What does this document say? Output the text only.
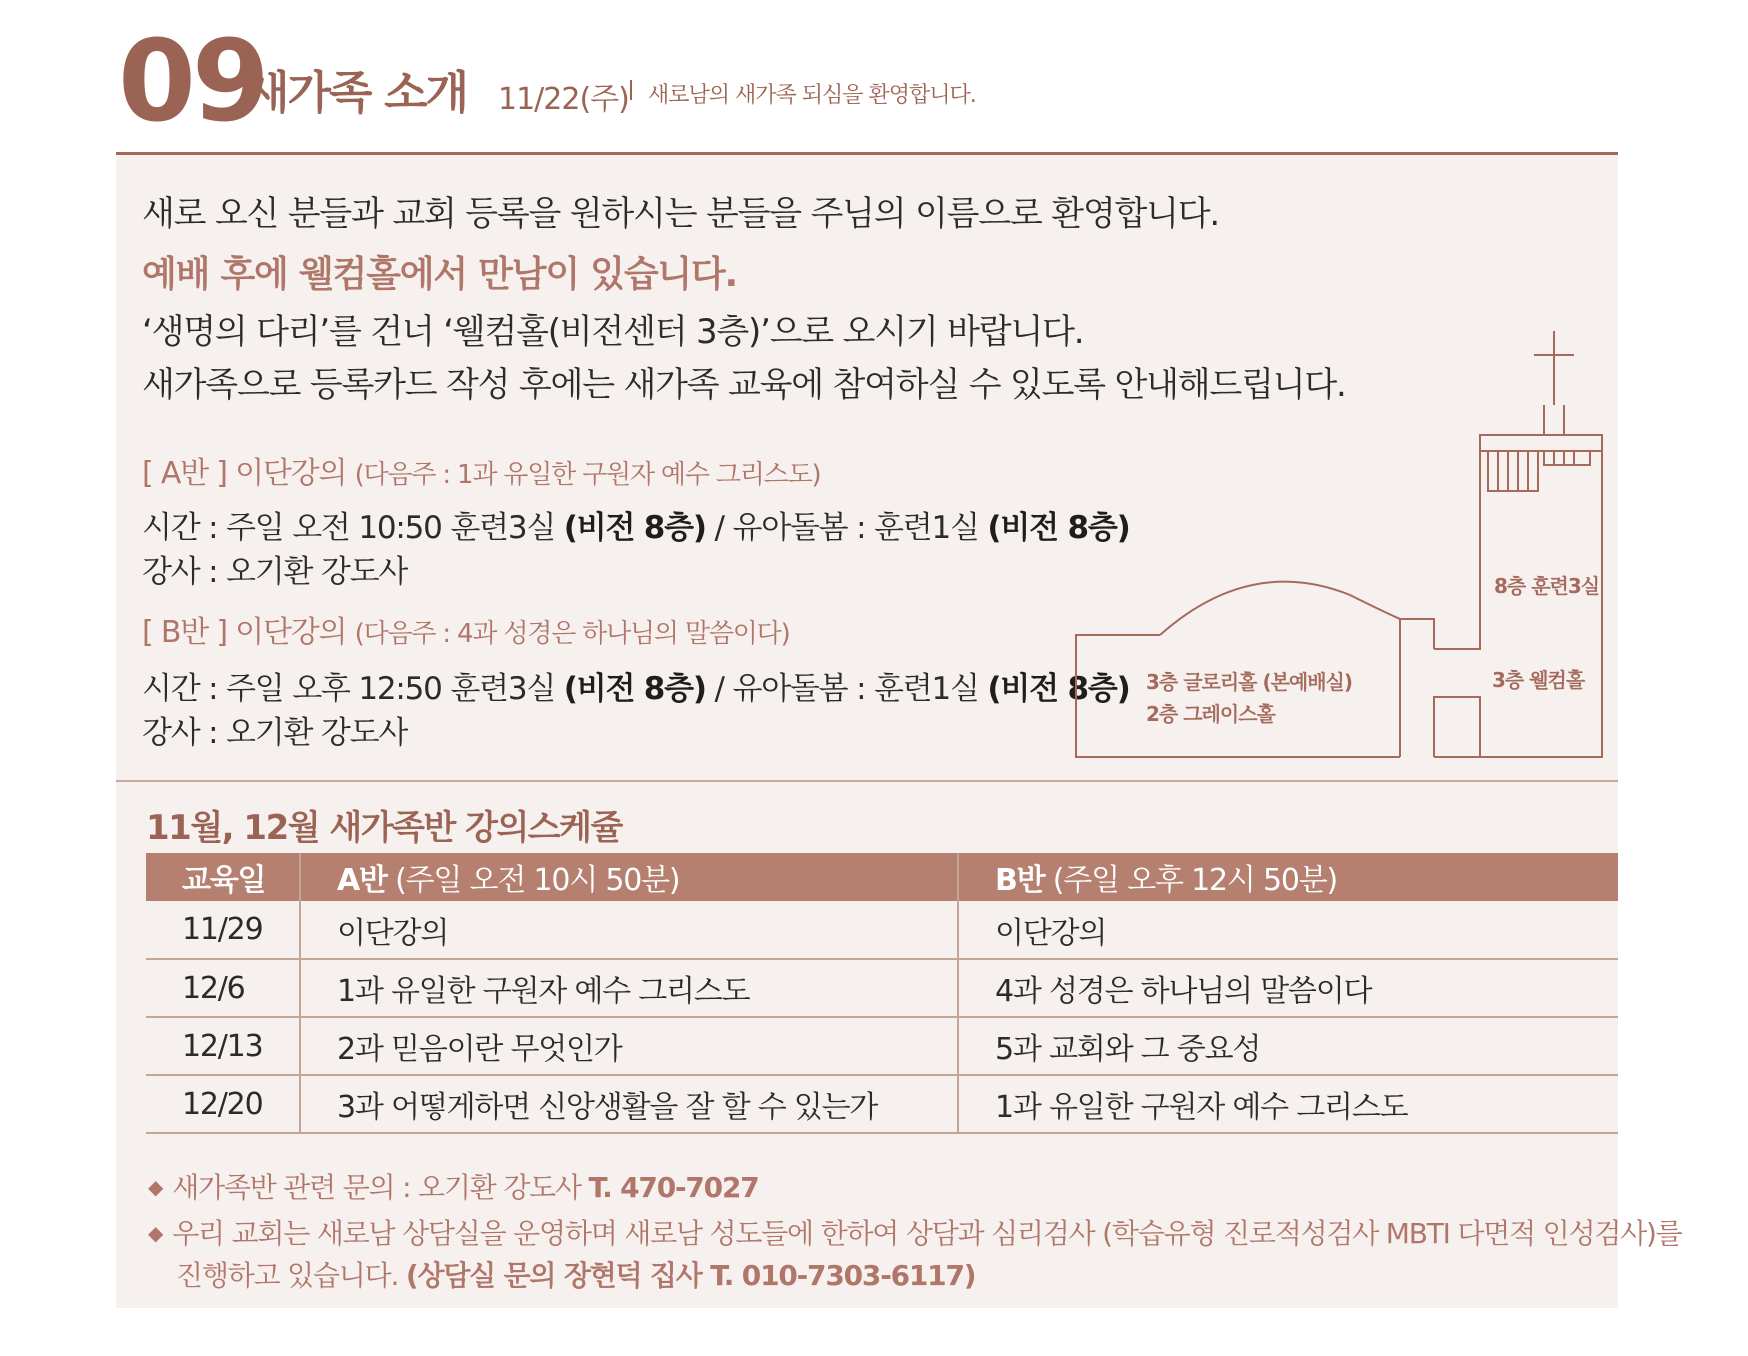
09
새가족 소개 11/22(주) 새로남의 새가족 되심을 환영합니다.
새로 오신 분들과 교회 등록을 원하시는 분들을 주님의 이름으로 환영합니다.
예배 후에 웰컴홀에서 만남이 있습니다.
‘생명의 다리’를 건너 ‘웰컴홀(비전센터 3층)’으로 오시기 바랍니다.
새가족으로 등록카드 작성 후에는 새가족 교육에 참여하실 수 있도록 안내해드립니다.
[ A반 ] 이단강의 (다음주 : 1과 유일한 구원자 예수 그리스도)
시간 : 주일 오전 10:50 훈련3실 (비전 8층) / 유아돌봄 : 훈련1실 (비전 8층)
강사 : 오기환 강도사
[ B반 ] 이단강의 (다음주 : 4과 성경은 하나님의 말씀이다)
시간 : 주일 오후 12:50 훈련3실 (비전 8층) / 유아돌봄 : 훈련1실 (비전 8층)
강사 : 오기환 강도사
8층 훈련3실
3층 웰컴홀
3층 글로리홀 (본예배실)
2층 그레이스홀
11월, 12월 새가족반 강의스케쥴
교육일	A반 (주일 오전 10시 50분)	B반 (주일 오후 12시 50분)
11/29	이단강의	이단강의
12/6	1과 유일한 구원자 예수 그리스도	4과 성경은 하나님의 말씀이다
12/13	2과 믿음이란 무엇인가	5과 교회와 그 중요성
12/20	3과 어떻게하면 신앙생활을 잘 할 수 있는가	1과 유일한 구원자 예수 그리스도
◆ 새가족반 관련 문의 : 오기환 강도사 T. 470-7027
◆ 우리 교회는 새로남 상담실을 운영하며 새로남 성도들에 한하여 상담과 심리검사 (학습유형 진로적성검사 MBTI 다면적 인성검사)를
진행하고 있습니다. (상담실 문의 장현덕 집사 T. 010-7303-6117)
